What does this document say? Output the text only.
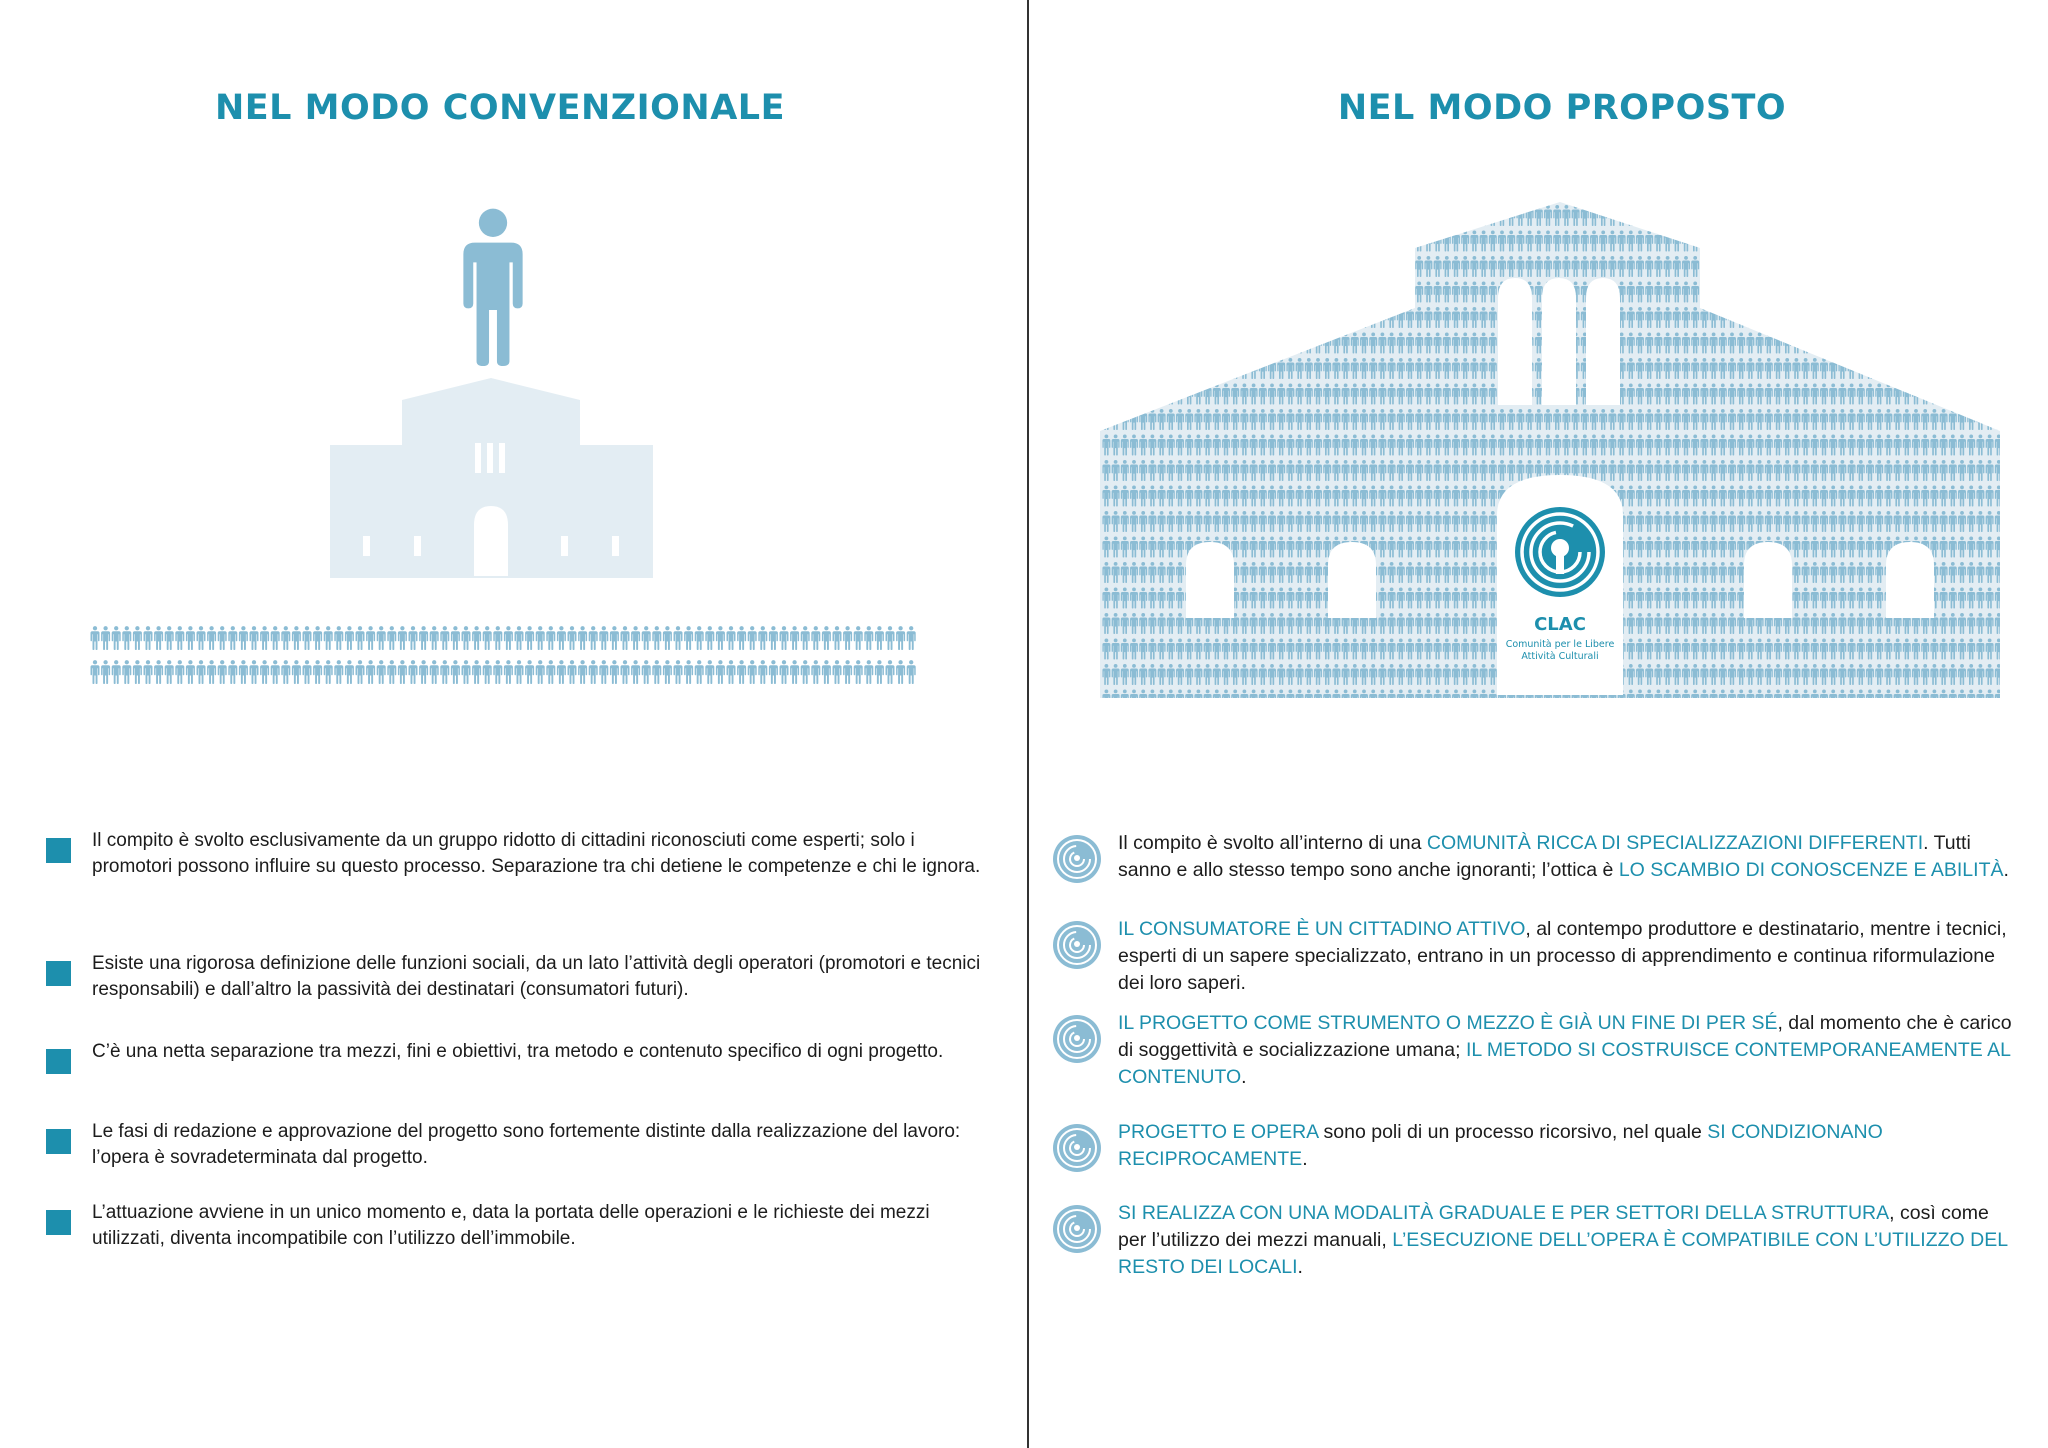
NEL MODO CONVENZIONALE	NEL MODO PROPOSTO
CLAC
Comunità per le Libere
Attività Culturali

Il compito è svolto esclusivamente da un gruppo ridotto di cittadini riconosciuti come esperti; solo i promotori possono influire su questo processo. Separazione tra chi detiene le competenze e chi le ignora.

Esiste una rigorosa definizione delle funzioni sociali, da un lato l’attività degli operatori (promotori e tecnici responsabili) e dall’altro la passività dei destinatari (consumatori futuri).

C’è una netta separazione tra mezzi, fini e obiettivi, tra metodo e contenuto specifico di ogni progetto.

Le fasi di redazione e approvazione del progetto sono fortemente distinte dalla realizzazione del lavoro: l’opera è sovradeterminata dal progetto.

L’attuazione avviene in un unico momento e, data la portata delle operazioni e le richieste dei mezzi utilizzati, diventa incompatibile con l’utilizzo dell’immobile.

Il compito è svolto all’interno di una COMUNITÀ RICCA DI SPECIALIZZAZIONI DIFFERENTI. Tutti sanno e allo stesso tempo sono anche ignoranti; l’ottica è LO SCAMBIO DI CONOSCENZE E ABILITÀ.

IL CONSUMATORE È UN CITTADINO ATTIVO, al contempo produttore e destinatario, mentre i tecnici, esperti di un sapere specializzato, entrano in un processo di apprendimento e continua riformulazione dei loro saperi.

IL PROGETTO COME STRUMENTO O MEZZO È GIÀ UN FINE DI PER SÉ, dal momento che è carico di soggettività e socializzazione umana; IL METODO SI COSTRUISCE CONTEMPORANEAMENTE AL CONTENUTO.

PROGETTO E OPERA sono poli di un processo ricorsivo, nel quale SI CONDIZIONANO RECIPROCAMENTE.

SI REALIZZA CON UNA MODALITÀ GRADUALE E PER SETTORI DELLA STRUTTURA, così come per l’utilizzo dei mezzi manuali, L’ESECUZIONE DELL’OPERA È COMPATIBILE CON L’UTILIZZO DEL RESTO DEI LOCALI.
